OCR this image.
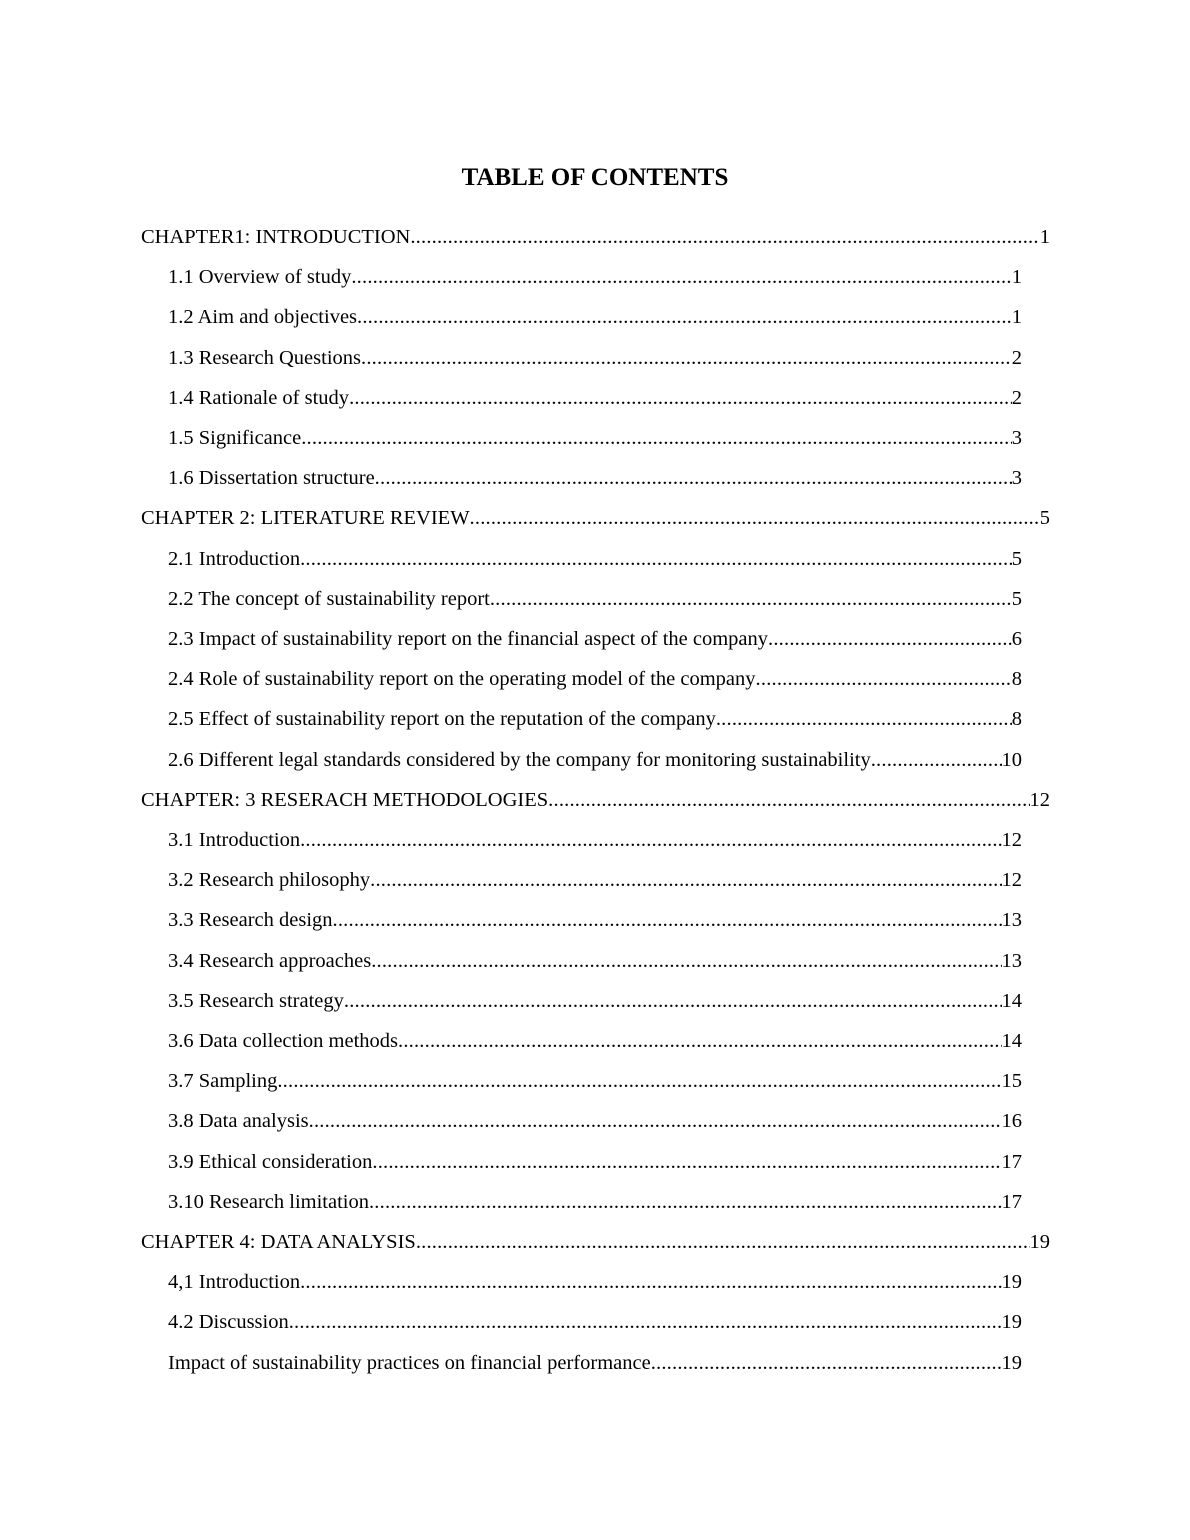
TABLE OF CONTENTS
CHAPTER1: INTRODUCTION .....	1
1.1 Overview of study .....	1
1.2 Aim and objectives .....	1
1.3 Research Questions .....	2
1.4 Rationale of study .....	2
1.5 Significance .....	3
1.6 Dissertation structure .....	3
CHAPTER 2: LITERATURE REVIEW .....	5
2.1 Introduction .....	5
2.2 The concept of sustainability report .....	5
2.3 Impact of sustainability report on the financial aspect of the company .....	6
2.4 Role of sustainability report on the operating model of the company .....	8
2.5 Effect of sustainability report on the reputation of the company .....	8
2.6 Different legal standards considered by the company for monitoring sustainability .....	10
CHAPTER: 3 RESERACH METHODOLOGIES .....	12
3.1 Introduction .....	12
3.2 Research philosophy .....	12
3.3 Research design .....	13
3.4 Research approaches .....	13
3.5 Research strategy .....	14
3.6 Data collection methods .....	14
3.7 Sampling .....	15
3.8 Data analysis .....	16
3.9 Ethical consideration .....	17
3.10 Research limitation .....	17
CHAPTER 4: DATA ANALYSIS .....	19
4,1 Introduction .....	19
4.2 Discussion .....	19
Impact of sustainability practices on financial performance .....	19
